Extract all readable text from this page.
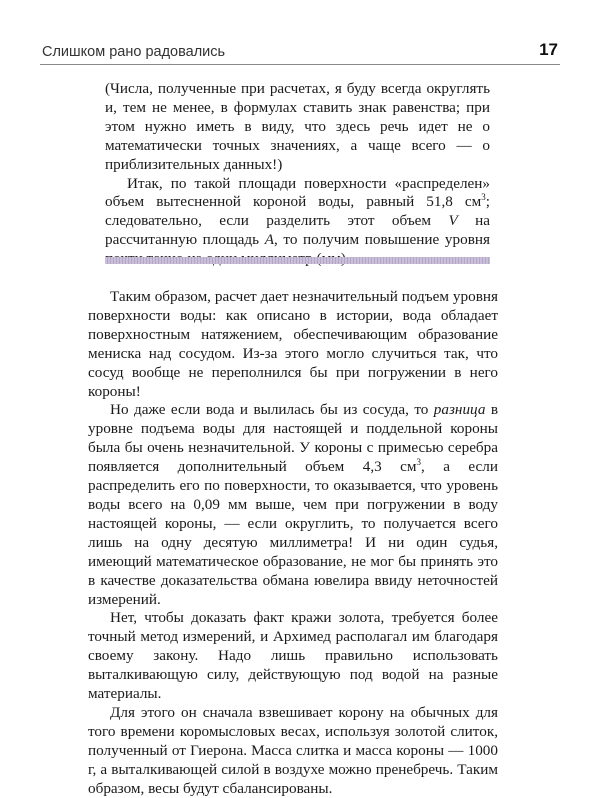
Слишком рано радовались	17

(Числа, полученные при расчетах, я буду всегда округлять и, тем не менее, в формулах ставить знак равенства; при этом нужно иметь в виду, что здесь речь идет не о математически точных значениях, а чаще всего — о приблизительных данных!)

Итак, по такой площади поверхности «распределен» объем вытесненной короной воды, равный 51,8 $см^3$; следовательно, если разделить этот объем V на рассчитанную площадь A, то получим повышение уровня

Таким образом, расчет дает незначительный подъем уровня поверхности воды: как описано в истории, вода обладает поверхностным натяжением, обеспечивающим образование мениска над сосудом. Из-за этого могло случиться так, что сосуд вообще не переполнился бы при погружении в него короны!

Но даже если вода и вылилась бы из сосуда, то разница в уровне подъема воды для настоящей и поддельной короны была бы очень незначительной. У короны с примесью серебра появляется дополнительный объем 4,3 $см^3$, а если распределить его по поверхности, то оказывается, что уровень воды всего на 0,09 мм выше, чем при погружении в воду настоящей короны, — если округлить, то получается всего лишь на одну десятую миллиметра! И ни один судья, имеющий математическое образование, не мог бы принять это в качестве доказательства обмана ювелира ввиду неточностей измерений.

Нет, чтобы доказать факт кражи золота, требуется более точный метод измерений, и Архимед располагал им благодаря своему закону. Надо лишь правильно использовать выталкивающую силу, действующую под водой на разные материалы.

Для этого он сначала взвешивает корону на обычных для того времени коромысловых весах, используя золотой слиток, полученный от Гиерона. Масса слитка и масса короны — 1000 г, а выталкивающей силой в воздухе можно пренебречь. Таким образом, весы будут сбалансированы.
